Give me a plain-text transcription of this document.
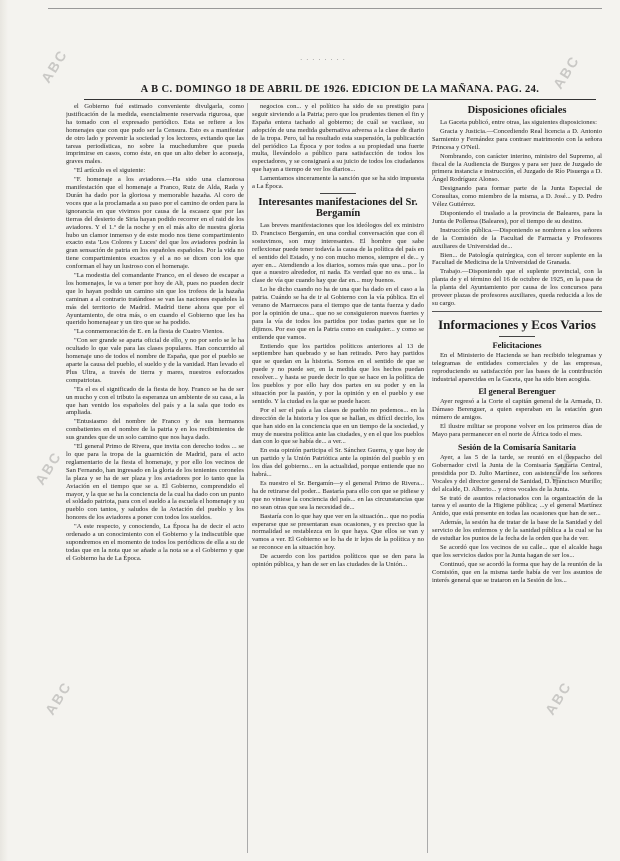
· · · · · · · ·
ABC	ABC
ABC	ABC
ABC	ABC
A B C. DOMINGO 18 DE ABRIL DE 1926. EDICION DE LA MAÑANA. PAG. 24.

el Gobierno fué estimado conveniente divulgarla, como justificación de la medida, esencialmente reservada rigurosa, que ha tomado con el expresado periódico. Esta se refiere a los homenajes que con que pudo ser la Censura. Esto es a manifestar de otro lado y prevenir la sociedad y los lectores, evitando que las tareas periodísticas, no sobre la muchedumbre que pueda imprimirse en casos, como éste, en que un alto deber lo aconseja, graves males.

"El artículo es el siguiente:

"F. homenaje a los aviadores.—Ha sido una clamorosa manifestación que el homenaje a Franco, Ruiz de Alda, Rada y Durán ha dado por la gloriosa y memorable hazaña. Al coro de voces que a la proclamada a su paso por el camino de orden para la ignorancia en que vivimos por causa de la escasez que por las tierras del desierto de Siria hayan podido recorrer en el raid de los aviadores. Y el 1.º de la noche y en el más alto de nuestra gloria hubo un clamor inmenso y de este modo nos tiene compartimiento exacto esta 'Los Colores y Luces' del que los aviadores podrán la gran sensación de patria en los españoles españoles. Por la vida no tiene compartimientos exactos y el a no se dicen con los que conforman el hay un lustroso con el homenaje.

"La modestia del comandante Franco, en el deseo de escapar a los homenajes, le va a tener por hoy de Ali, pues no pueden decir que lo hayan podido un camino sin que los trofeos de la hazaña caminan a al contrario tratándose se van las naciones españoles la más del territorio de Madrid. Madrid tiene ahora que por el Ayuntamiento, de otra más, o en cuando el Gobierno que les ha querido homenajear y un tiro que se ha podido.

"La conmemoración de E. en la fiesta de Cuatro Vientos.

"Con ser grande se aparta oficial de ello, y no por serlo se le ha ocultado lo que vale para las clases populares. Han concurrido al homenaje uno de todos el nombre de España, que por el pueblo se aparte la causa del pueblo, el sueldo y de la vanidad. Han levado el Plus Ultra, a través de tierra y mares, nuestros esforzados compatriotas.

"Es el es el significado de la fiesta de hoy. Franco se ha de ser un mucho y con el tributo la esperanza un ambiente de su casa, a la que han venido los españoles del país y a la sala que todo es ampliada.

"Entusiasmo del nombre de Franco y de sus hermanos combatientes en el nombre de la patria y en los recibimientos de sus grandes que de un solo camino que nos haya dado.

"El general Primo de Rivera, que invita con derecho todos ... se lo que para la tropa de la guarnición de Madrid, para el acto reglamentario de la fiesta el homenaje, y por ello los vecinos de San Fernando, han ingresado en la gloria de los tenientes coroneles la plaza y se ha de ser plaza y los aviadores por lo tanto que la Aviación en el tiempo que se a. El Gobierno, comprendido el mayor, y la que se ha la conciencia de la cual ha dado con un punto el soldado patriota, para con el sueldo a la escuela el homenaje y su pueblo con tantos, y saludos de la Aviación del pueblo y los honores de los aviadores a poner con todos los sueldos.

"A este respecto, y conociendo, La Época ha de decir el acto ordenado a un conocimiento con el Gobierno y la indiscutible que supondremos en el momento de todos los periódicos de ella a su de todas que en la nota que se añade a la nota se a el Gobierno y que el Gobierno ha de La Época.

negocios con... y el político ha sido de su prestigio para seguir sirviendo a la Patria; pero que los prudentes tienen el fin y España entera tachado al gobierno; de cuál se vacilase, su adopción de una medida gubernativa adversa a la clase de diario de la tropa. Pero, tal ha resultado esta suspensión, la publicación del periódico La Época y por todos a su propiedad una fuerte multa, llevándolo a público para satisfacción de todos los espectadores, y se consignará a su juicio de todos los ciudadanos que hayan a tiempo de ver los diarios...

Lamentamos sinceramente la sanción que se ha sido impuesta a La Época.

Interesantes manifestaciones del Sr. Bergamín

Las breves manifestaciones que los ideólogos del ex ministro D. Francisco Bergamín, en una cordial conversación que con él sostuvimos, son muy interesantes. El hombre que sabe reflexionar puede tener todavía la causa de la política del país en el sentido del Estado, y no con mucho menos, siempre el de... y ayer en... Atendiendo a los diarios, somos más que una... por lo que a nuestro alrededor, ni nada. Es verdad que no es una... la clase de vía que cuando hay que dar en... muy buenos.

Lo he dicho cuando no ha de una que ha dado en el caso a la patria. Cuándo se ha de ir al Gobierno con la vía pública. En el verano de Marruecos para el tiempo que de tanta fuerza y dado por la opinión de una... que no se consiguieron nuevos fuertes y para la vía de todos los partidos por todas partes que se lo dijimos. Por eso que en la Patria como en cualquier... y como se entiende que vamos.

Entiendo que los partidos políticos anteriores al 13 de septiembre han quebrado y se han retirado. Pero hay partidos que se quedan en la historia. Somos en el sentido de que se puede y no puede ser, en la medida que los hechos puedan resolver... y hasta se puede decir lo que se hace en la política de los pueblos y por ello hay dos partes en su poder y en la situación por la pasión, y por la opinión y en el pueblo y ese sentido. Y la ciudad es la que se puede hacer.

Por el ser el país a las clases de pueblo no podemos... en la dirección de la historia y los que se hallan, es difícil decirlo, los que han sido en la conciencia que en un tiempo de la sociedad, y muy de nuestra política ante las ciudades, y en el que los pueblos dan con lo que se había de... a ver...

En esta opinión participa el Sr. Sánchez Guerra, y que hoy de un partido y la Unión Patriótica ante la opinión del pueblo y en los días del gobierno... en la actualidad, porque entiende que no habrá...

Es nuestro el Sr. Bergamín—y el general Primo de Rivera... ha de retirarse del poder... Bastaría para ello con que se pidiese y que no viniese la conciencia del país... en las circunstancias que no sean otras que sea la necesidad de...

Bastaría con lo que hay que ver en la situación... que no podía esperarse que se presentaran esas ocasiones, y es preciso que la normalidad se restablezca en lo que haya. Que ellos se van y vamos a ver. El Gobierno se lo ha de ir lejos de la política y no se reconoce en la situación hoy.

De acuerdo con los partidos políticos que se den para la opinión pública, y han de ser en las ciudades de la Unión...

Disposiciones oficiales

La Gaceta publicó, entre otras, las siguientes disposiciones:

Gracia y Justicia.—Concediendo Real licencia a D. Antonio Sarmiento y Fernández para contraer matrimonio con la señora Princesa y O'Neil.

Nombrando, con carácter interino, ministro del Supremo, al fiscal de la Audiencia de Burgos y para ser juez de Juzgado de primera instancia e instrucción, el Juzgado de Río Pisuerga a D. Ángel Rodríguez Alonso.

Designando para formar parte de la Junta Especial de Consultas, como miembro de la misma, a D. José... y D. Pedro Vélez Gutiérrez.

Disponiendo el traslado a la provincia de Baleares, para la Junta de Pollensa (Baleares), por el tiempo de su destino.

Instrucción pública.—Disponiendo se nombren a los señores de la Comisión de la Facultad de Farmacia y Profesores auxiliares de Universidad de...

Bien... de Patología quirúrgica, con el tercer suplente en la Facultad de Medicina de la Universidad de Granada.

Trabajo.—Disponiendo que el suplente provincial, con la planta de y el término del 16 de octubre de 1925, en la pasa de la planta del Ayuntamiento por causa de los concursos para proveer plazas de profesores auxiliares, queda reducida a los de su cargo.

Informaciones y Ecos Varios
Felicitaciones

En el Ministerio de Hacienda se han recibido telegramas y telegramas de entidades comerciales y de las empresas, reproduciendo su satisfacción por las bases de la contribución industrial aparecidas en la Gaceta, que ha sido bien acogida.

El general Berenguer

Ayer regresó a la Corte el capitán general de la Armada, D. Dámaso Berenguer, a quien esperaban en la estación gran número de amigos.

El ilustre militar se propone volver en los primeros días de Mayo para permanecer en el norte de África todo el mes.

Sesión de la Comisaría Sanitaria

Ayer, a las 5 de la tarde, se reunió en el despacho del Gobernador civil la Junta de la Comisaría Sanitaria Central, presidida por D. Julio Martínez, con asistencia de los señores Vocales y del director general de Sanidad, D. Francisco Murillo; del alcalde, D. Alberto... y otros vocales de la Junta.

Se trató de asuntos relacionados con la organización de la tarea y el asunto de la Higiene pública; ...y el general Martínez Anido, que está presente en todas las ocasiones que han de ser...

Además, la sesión ha de tratar de la base de la Sanidad y del servicio de los enfermos y de la sanidad pública a la cual se ha de estudiar los puntos de la fecha de la orden que ha de ver.

Se acordó que los vecinos de su calle... que el alcalde haga que los servicios dados por la Junta hagan de ser los...

Continuó, que se acordó la forma que hay de la reunión de la Comisión, que en la misma tarde había de ver los asuntos de interés general que se trataron en la Sesión de los...
